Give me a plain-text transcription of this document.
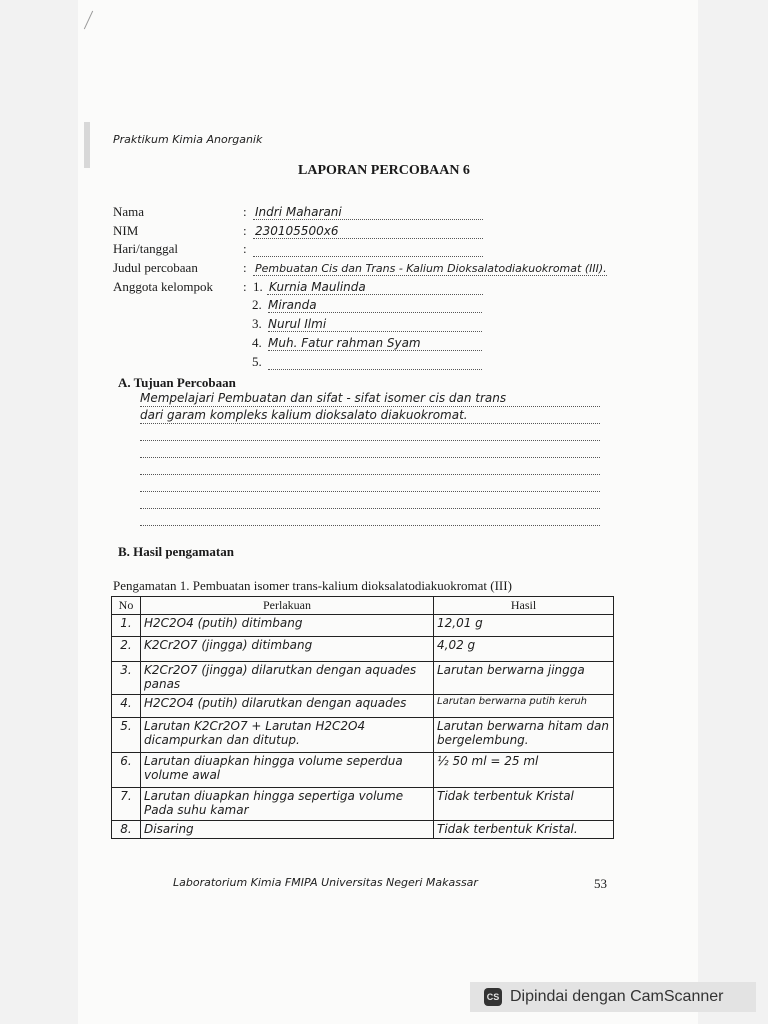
Praktikum Kimia Anorganik
LAPORAN PERCOBAAN 6
Nama	: Indri Maharani
NIM	: 230105500x6
Hari/tanggal	:
Judul percobaan	: Pembuatan Cis dan Trans - Kalium Dioksalatodiakuokromat (III).
Anggota kelompok	: 1. Kurnia Maulinda
2. Miranda
3. Nurul Ilmi
4. Muh. Fatur rahman Syam
5.
A. Tujuan Percobaan
Mempelajari Pembuatan dan sifat - sifat isomer cis dan trans
dari garam kompleks kalium dioksalato diakuokromat.
B. Hasil pengamatan
Pengamatan 1. Pembuatan isomer trans-kalium dioksalatodiakuokromat (III)
No	Perlakuan	Hasil
1.	H2C2O4 (putih) ditimbang	12,01 g
2.	K2Cr2O7 (jingga) ditimbang	4,02 g
3.	K2Cr2O7 (jingga) dilarutkan dengan aquades panas	Larutan berwarna jingga
4.	H2C2O4 (putih) dilarutkan dengan aquades	Larutan berwarna putih keruh
5.	Larutan K2Cr2O7 + Larutan H2C2O4 dicampurkan dan ditutup.	Larutan berwarna hitam dan bergelembung.
6.	Larutan diuapkan hingga volume seperdua volume awal	½ 50 ml = 25 ml
7.	Larutan diuapkan hingga sepertiga volume Pada suhu kamar	Tidak terbentuk Kristal
8.	Disaring	Tidak terbentuk Kristal.
Laboratorium Kimia FMIPA Universitas Negeri Makassar	53
CS Dipindai dengan CamScanner
